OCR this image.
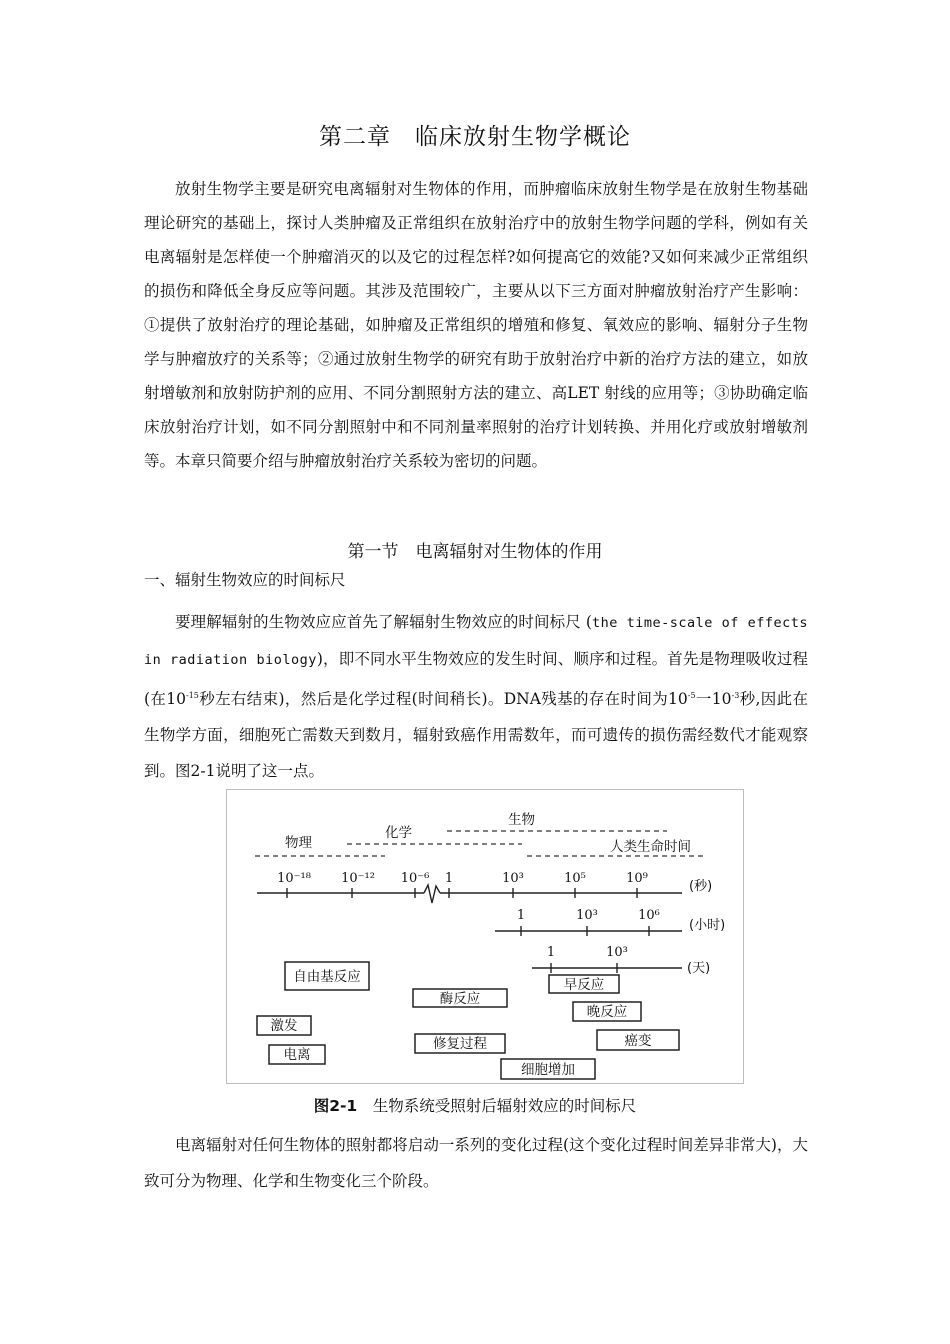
第二章　临床放射生物学概论

放射生物学主要是研究电离辐射对生物体的作用，而肿瘤临床放射生物学是在放射生物基础理论研究的基础上，探讨人类肿瘤及正常组织在放射治疗中的放射生物学问题的学科，例如有关电离辐射是怎样使一个肿瘤消灭的以及它的过程怎样?如何提高它的效能?又如何来减少正常组织的损伤和降低全身反应等问题。其涉及范围较广，主要从以下三方面对肿瘤放射治疗产生影响：①提供了放射治疗的理论基础，如肿瘤及正常组织的增殖和修复、氧效应的影响、辐射分子生物学与肿瘤放疗的关系等；②通过放射生物学的研究有助于放射治疗中新的治疗方法的建立，如放射增敏剂和放射防护剂的应用、不同分割照射方法的建立、高LET 射线的应用等；③协助确定临床放射治疗计划，如不同分割照射中和不同剂量率照射的治疗计划转换、并用化疗或放射增敏剂等。本章只简要介绍与肿瘤放射治疗关系较为密切的问题。

第一节　电离辐射对生物体的作用
一、辐射生物效应的时间标尺

要理解辐射的生物效应应首先了解辐射生物效应的时间标尺 (the time-scale of effects in radiation biology)，即不同水平生物效应的发生时间、顺序和过程。首先是物理吸收过程(在$10^{-15}$秒左右结束)，然后是化学过程(时间稍长)。DNA残基的存在时间为$10^{-5}$一$10^{-3}$秒,因此在生物学方面，细胞死亡需数天到数月，辐射致癌作用需数年，而可遗传的损伤需经数代才能观察到。图2-1说明了这一点。

物理
化学
生物
人类生命时间
10⁻¹⁸ 10⁻¹² 10⁻⁶ 1	10³	10⁵	10⁹
(秒)
1	10³	10⁶
(小时)
1	10³
(天)
自由基反应
酶反应
早反应
晚反应
激发
修复过程	癌变
电离
细胞增加
图2-1　 生物系统受照射后辐射效应的时间标尺

电离辐射对任何生物体的照射都将启动一系列的变化过程(这个变化过程时间差异非常大)，大致可分为物理、化学和生物变化三个阶段。
